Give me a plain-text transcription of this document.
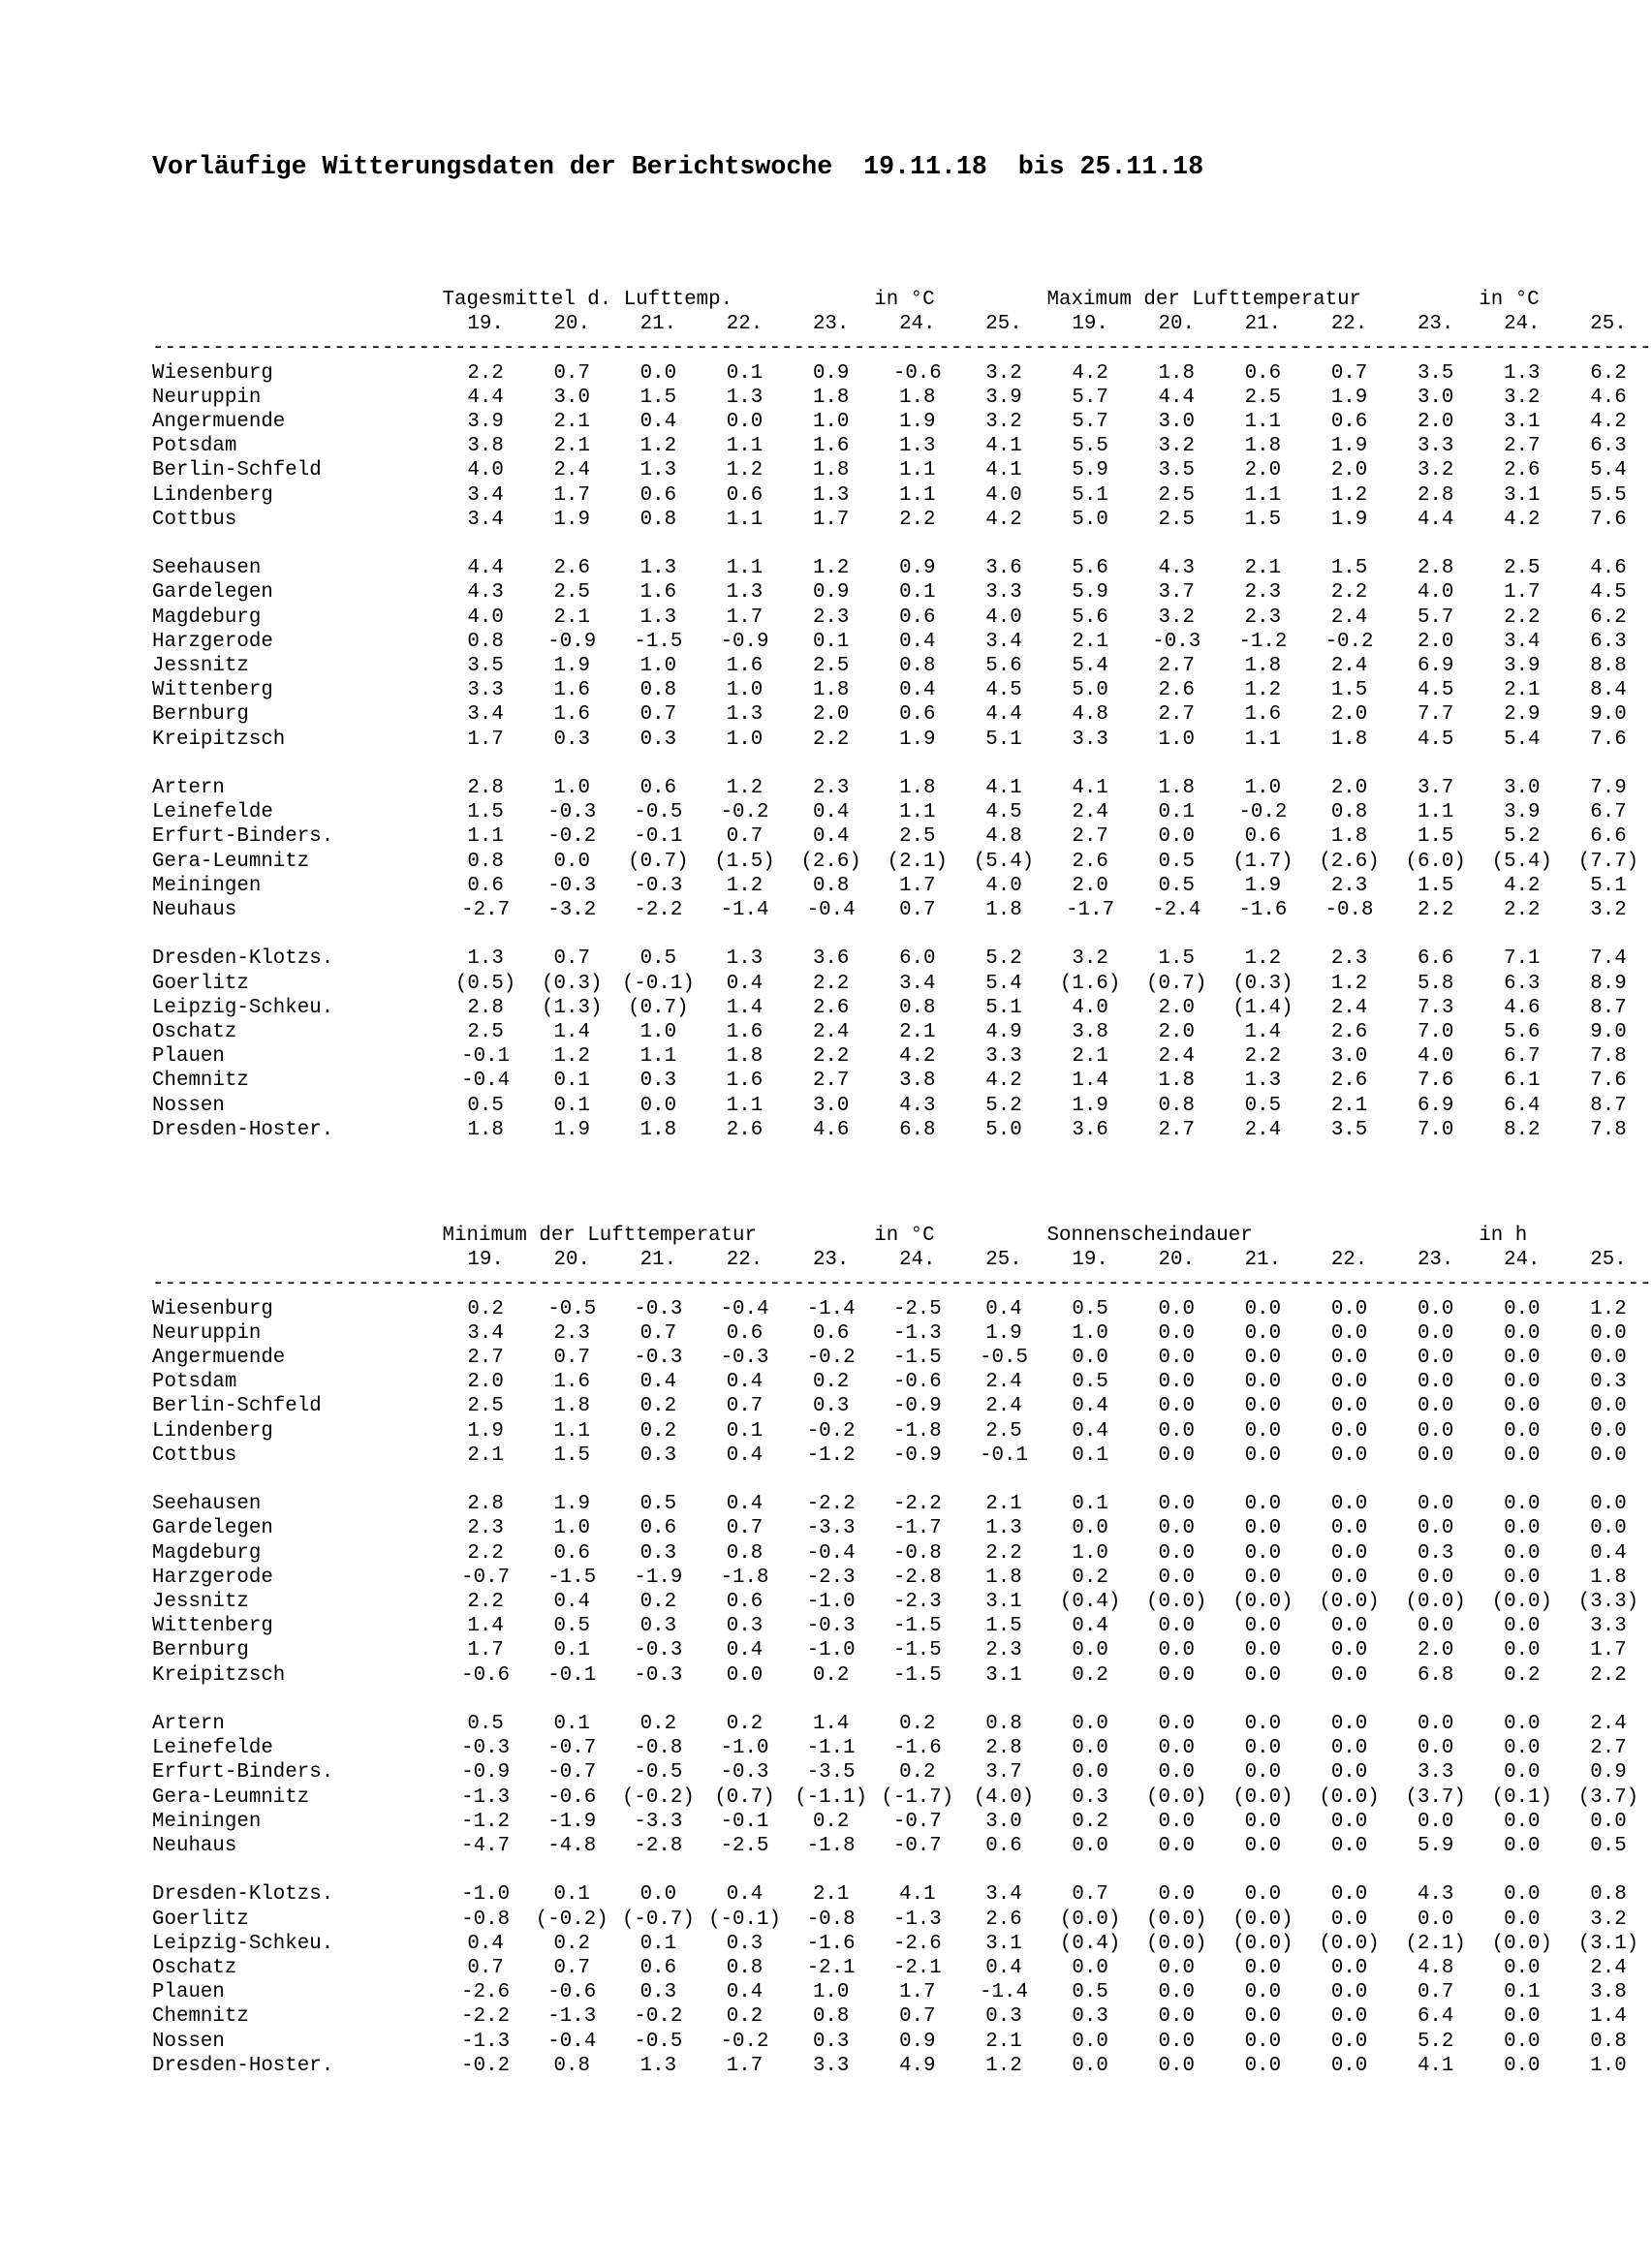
Vorläufige Witterungsdaten der Berichtswoche  19.11.18  bis 25.11.18
	Tagesmittel d. Lufttemp.					in °C		Maximum der Lufttemperatur					in °C	
	19.	20.	21.	22.	23.	24.	25.		19.	20.	21.	22.	23.	24.	25.

------------------------	--------------------------------------------------							--------------------------------------------------						

Wiesenburg	2.2	0.7	0.0	0.1	0.9	-0.6	3.2		4.2	1.8	0.6	0.7	3.5	1.3	6.2
Neuruppin	4.4	3.0	1.5	1.3	1.8	1.8	3.9		5.7	4.4	2.5	1.9	3.0	3.2	4.6
Angermuende	3.9	2.1	0.4	0.0	1.0	1.9	3.2		5.7	3.0	1.1	0.6	2.0	3.1	4.2
Potsdam	3.8	2.1	1.2	1.1	1.6	1.3	4.1		5.5	3.2	1.8	1.9	3.3	2.7	6.3
Berlin-Schfeld	4.0	2.4	1.3	1.2	1.8	1.1	4.1		5.9	3.5	2.0	2.0	3.2	2.6	5.4
Lindenberg	3.4	1.7	0.6	0.6	1.3	1.1	4.0		5.1	2.5	1.1	1.2	2.8	3.1	5.5
Cottbus	3.4	1.9	0.8	1.1	1.7	2.2	4.2		5.0	2.5	1.5	1.9	4.4	4.2	7.6

Seehausen	4.4	2.6	1.3	1.1	1.2	0.9	3.6		5.6	4.3	2.1	1.5	2.8	2.5	4.6
Gardelegen	4.3	2.5	1.6	1.3	0.9	0.1	3.3		5.9	3.7	2.3	2.2	4.0	1.7	4.5
Magdeburg	4.0	2.1	1.3	1.7	2.3	0.6	4.0		5.6	3.2	2.3	2.4	5.7	2.2	6.2
Harzgerode	0.8	-0.9	-1.5	-0.9	0.1	0.4	3.4		2.1	-0.3	-1.2	-0.2	2.0	3.4	6.3
Jessnitz	3.5	1.9	1.0	1.6	2.5	0.8	5.6		5.4	2.7	1.8	2.4	6.9	3.9	8.8
Wittenberg	3.3	1.6	0.8	1.0	1.8	0.4	4.5		5.0	2.6	1.2	1.5	4.5	2.1	8.4
Bernburg	3.4	1.6	0.7	1.3	2.0	0.6	4.4		4.8	2.7	1.6	2.0	7.7	2.9	9.0
Kreipitzsch	1.7	0.3	0.3	1.0	2.2	1.9	5.1		3.3	1.0	1.1	1.8	4.5	5.4	7.6

Artern	2.8	1.0	0.6	1.2	2.3	1.8	4.1		4.1	1.8	1.0	2.0	3.7	3.0	7.9
Leinefelde	1.5	-0.3	-0.5	-0.2	0.4	1.1	4.5		2.4	0.1	-0.2	0.8	1.1	3.9	6.7
Erfurt-Binders.	1.1	-0.2	-0.1	0.7	0.4	2.5	4.8		2.7	0.0	0.6	1.8	1.5	5.2	6.6
Gera-Leumnitz	0.8	0.0	(0.7)	(1.5)	(2.6)	(2.1)	(5.4)		2.6	0.5	(1.7)	(2.6)	(6.0)	(5.4)	(7.7)
Meiningen	0.6	-0.3	-0.3	1.2	0.8	1.7	4.0		2.0	0.5	1.9	2.3	1.5	4.2	5.1
Neuhaus	-2.7	-3.2	-2.2	-1.4	-0.4	0.7	1.8		-1.7	-2.4	-1.6	-0.8	2.2	2.2	3.2

Dresden-Klotzs.	1.3	0.7	0.5	1.3	3.6	6.0	5.2		3.2	1.5	1.2	2.3	6.6	7.1	7.4
Goerlitz	(0.5)	(0.3)	(-0.1)	0.4	2.2	3.4	5.4		(1.6)	(0.7)	(0.3)	1.2	5.8	6.3	8.9
Leipzig-Schkeu.	2.8	(1.3)	(0.7)	1.4	2.6	0.8	5.1		4.0	2.0	(1.4)	2.4	7.3	4.6	8.7
Oschatz	2.5	1.4	1.0	1.6	2.4	2.1	4.9		3.8	2.0	1.4	2.6	7.0	5.6	9.0
Plauen	-0.1	1.2	1.1	1.8	2.2	4.2	3.3		2.1	2.4	2.2	3.0	4.0	6.7	7.8
Chemnitz	-0.4	0.1	0.3	1.6	2.7	3.8	4.2		1.4	1.8	1.3	2.6	7.6	6.1	7.6
Nossen	0.5	0.1	0.0	1.1	3.0	4.3	5.2		1.9	0.8	0.5	2.1	6.9	6.4	8.7
Dresden-Hoster.	1.8	1.9	1.8	2.6	4.6	6.8	5.0		3.6	2.7	2.4	3.5	7.0	8.2	7.8
	Minimum der Lufttemperatur					in °C		Sonnenscheindauer					in h	
	19.	20.	21.	22.	23.	24.	25.		19.	20.	21.	22.	23.	24.	25.

------------------------	--------------------------------------------------							--------------------------------------------------						

Wiesenburg	0.2	-0.5	-0.3	-0.4	-1.4	-2.5	0.4		0.5	0.0	0.0	0.0	0.0	0.0	1.2
Neuruppin	3.4	2.3	0.7	0.6	0.6	-1.3	1.9		1.0	0.0	0.0	0.0	0.0	0.0	0.0
Angermuende	2.7	0.7	-0.3	-0.3	-0.2	-1.5	-0.5		0.0	0.0	0.0	0.0	0.0	0.0	0.0
Potsdam	2.0	1.6	0.4	0.4	0.2	-0.6	2.4		0.5	0.0	0.0	0.0	0.0	0.0	0.3
Berlin-Schfeld	2.5	1.8	0.2	0.7	0.3	-0.9	2.4		0.4	0.0	0.0	0.0	0.0	0.0	0.0
Lindenberg	1.9	1.1	0.2	0.1	-0.2	-1.8	2.5		0.4	0.0	0.0	0.0	0.0	0.0	0.0
Cottbus	2.1	1.5	0.3	0.4	-1.2	-0.9	-0.1		0.1	0.0	0.0	0.0	0.0	0.0	0.0

Seehausen	2.8	1.9	0.5	0.4	-2.2	-2.2	2.1		0.1	0.0	0.0	0.0	0.0	0.0	0.0
Gardelegen	2.3	1.0	0.6	0.7	-3.3	-1.7	1.3		0.0	0.0	0.0	0.0	0.0	0.0	0.0
Magdeburg	2.2	0.6	0.3	0.8	-0.4	-0.8	2.2		1.0	0.0	0.0	0.0	0.3	0.0	0.4
Harzgerode	-0.7	-1.5	-1.9	-1.8	-2.3	-2.8	1.8		0.2	0.0	0.0	0.0	0.0	0.0	1.8
Jessnitz	2.2	0.4	0.2	0.6	-1.0	-2.3	3.1		(0.4)	(0.0)	(0.0)	(0.0)	(0.0)	(0.0)	(3.3)
Wittenberg	1.4	0.5	0.3	0.3	-0.3	-1.5	1.5		0.4	0.0	0.0	0.0	0.0	0.0	3.3
Bernburg	1.7	0.1	-0.3	0.4	-1.0	-1.5	2.3		0.0	0.0	0.0	0.0	2.0	0.0	1.7
Kreipitzsch	-0.6	-0.1	-0.3	0.0	0.2	-1.5	3.1		0.2	0.0	0.0	0.0	6.8	0.2	2.2

Artern	0.5	0.1	0.2	0.2	1.4	0.2	0.8		0.0	0.0	0.0	0.0	0.0	0.0	2.4
Leinefelde	-0.3	-0.7	-0.8	-1.0	-1.1	-1.6	2.8		0.0	0.0	0.0	0.0	0.0	0.0	2.7
Erfurt-Binders.	-0.9	-0.7	-0.5	-0.3	-3.5	0.2	3.7		0.0	0.0	0.0	0.0	3.3	0.0	0.9
Gera-Leumnitz	-1.3	-0.6	(-0.2)	(0.7)	(-1.1)	(-1.7)	(4.0)		0.3	(0.0)	(0.0)	(0.0)	(3.7)	(0.1)	(3.7)
Meiningen	-1.2	-1.9	-3.3	-0.1	0.2	-0.7	3.0		0.2	0.0	0.0	0.0	0.0	0.0	0.0
Neuhaus	-4.7	-4.8	-2.8	-2.5	-1.8	-0.7	0.6		0.0	0.0	0.0	0.0	5.9	0.0	0.5

Dresden-Klotzs.	-1.0	0.1	0.0	0.4	2.1	4.1	3.4		0.7	0.0	0.0	0.0	4.3	0.0	0.8
Goerlitz	-0.8	(-0.2)	(-0.7)	(-0.1)	-0.8	-1.3	2.6		(0.0)	(0.0)	(0.0)	0.0	0.0	0.0	3.2
Leipzig-Schkeu.	0.4	0.2	0.1	0.3	-1.6	-2.6	3.1		(0.4)	(0.0)	(0.0)	(0.0)	(2.1)	(0.0)	(3.1)
Oschatz	0.7	0.7	0.6	0.8	-2.1	-2.1	0.4		0.0	0.0	0.0	0.0	4.8	0.0	2.4
Plauen	-2.6	-0.6	0.3	0.4	1.0	1.7	-1.4		0.5	0.0	0.0	0.0	0.7	0.1	3.8
Chemnitz	-2.2	-1.3	-0.2	0.2	0.8	0.7	0.3		0.3	0.0	0.0	0.0	6.4	0.0	1.4
Nossen	-1.3	-0.4	-0.5	-0.2	0.3	0.9	2.1		0.0	0.0	0.0	0.0	5.2	0.0	0.8
Dresden-Hoster.	-0.2	0.8	1.3	1.7	3.3	4.9	1.2		0.0	0.0	0.0	0.0	4.1	0.0	1.0
